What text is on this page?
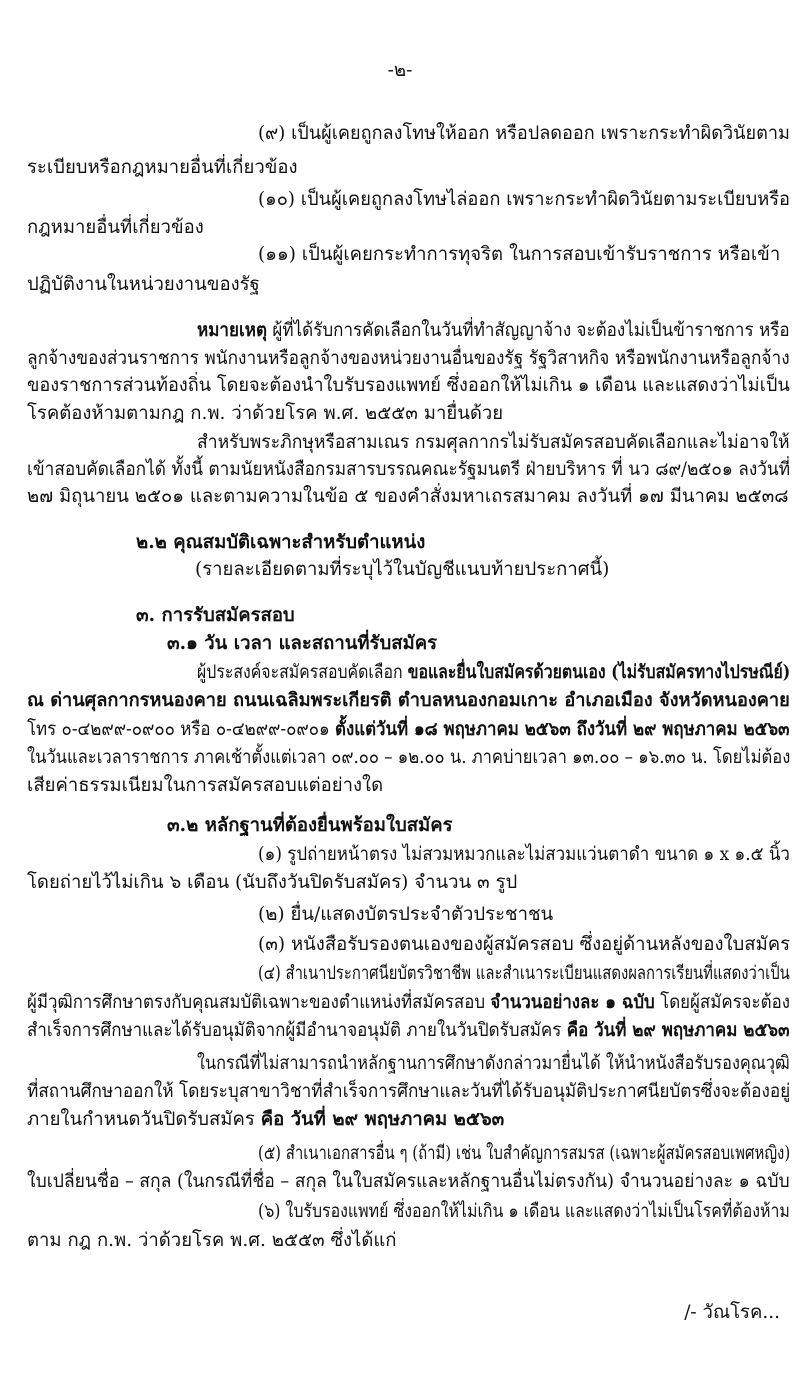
-๒-
(๙) เป็นผู้เคยถูกลงโทษให้ออก หรือปลดออก เพราะกระทำผิดวินัยตาม
ระเบียบหรือกฎหมายอื่นที่เกี่ยวข้อง
(๑๐) เป็นผู้เคยถูกลงโทษไล่ออก เพราะกระทำผิดวินัยตามระเบียบหรือ
กฎหมายอื่นที่เกี่ยวข้อง
(๑๑) เป็นผู้เคยกระทำการทุจริต ในการสอบเข้ารับราชการ หรือเข้า
ปฏิบัติงานในหน่วยงานของรัฐ
หมายเหตุ ผู้ที่ได้รับการคัดเลือกในวันที่ทำสัญญาจ้าง จะต้องไม่เป็นข้าราชการ หรือ
ลูกจ้างของส่วนราชการ พนักงานหรือลูกจ้างของหน่วยงานอื่นของรัฐ รัฐวิสาหกิจ หรือพนักงานหรือลูกจ้าง
ของราชการส่วนท้องถิ่น โดยจะต้องนำใบรับรองแพทย์ ซึ่งออกให้ไม่เกิน ๑ เดือน และแสดงว่าไม่เป็น
โรคต้องห้ามตามกฎ ก.พ. ว่าด้วยโรค พ.ศ. ๒๕๕๓ มายื่นด้วย
สำหรับพระภิกษุหรือสามเณร กรมศุลกากรไม่รับสมัครสอบคัดเลือกและไม่อาจให้
เข้าสอบคัดเลือกได้ ทั้งนี้ ตามนัยหนังสือกรมสารบรรณคณะรัฐมนตรี ฝ่ายบริหาร ที่ นว ๘๙/๒๕๐๑ ลงวันที่
๒๗ มิถุนายน ๒๕๐๑ และตามความในข้อ ๕ ของคำสั่งมหาเถรสมาคม ลงวันที่ ๑๗ มีนาคม ๒๕๓๘
๒.๒ คุณสมบัติเฉพาะสำหรับตำแหน่ง
(รายละเอียดตามที่ระบุไว้ในบัญชีแนบท้ายประกาศนี้)
๓. การรับสมัครสอบ
๓.๑ วัน เวลา และสถานที่รับสมัคร
ผู้ประสงค์จะสมัครสอบคัดเลือก ขอและยื่นใบสมัครด้วยตนเอง (ไม่รับสมัครทางไปรษณีย์)
ณ ด่านศุลกากรหนองคาย ถนนเฉลิมพระเกียรติ ตำบลหนองกอมเกาะ อำเภอเมือง จังหวัดหนองคาย
โทร ๐-๔๒๙๙-๐๙๐๐ หรือ ๐-๔๒๙๙-๐๙๐๑ ตั้งแต่วันที่ ๑๘ พฤษภาคม ๒๕๖๓ ถึงวันที่ ๒๙ พฤษภาคม ๒๕๖๓
ในวันและเวลาราชการ ภาคเช้าตั้งแต่เวลา ๐๙.๐๐ – ๑๒.๐๐ น. ภาคบ่ายเวลา ๑๓.๐๐ – ๑๖.๓๐ น. โดยไม่ต้อง
เสียค่าธรรมเนียมในการสมัครสอบแต่อย่างใด
๓.๒ หลักฐานที่ต้องยื่นพร้อมใบสมัคร
(๑) รูปถ่ายหน้าตรง ไม่สวมหมวกและไม่สวมแว่นตาดำ ขนาด ๑ x ๑.๕ นิ้ว
โดยถ่ายไว้ไม่เกิน ๖ เดือน (นับถึงวันปิดรับสมัคร) จำนวน ๓ รูป
(๒) ยื่น/แสดงบัตรประจำตัวประชาชน
(๓) หนังสือรับรองตนเองของผู้สมัครสอบ ซึ่งอยู่ด้านหลังของใบสมัคร
(๔) สำเนาประกาศนียบัตรวิชาชีพ และสำเนาระเบียนแสดงผลการเรียนที่แสดงว่าเป็น
ผู้มีวุฒิการศึกษาตรงกับคุณสมบัติเฉพาะของตำแหน่งที่สมัครสอบ จำนวนอย่างละ ๑ ฉบับ โดยผู้สมัครจะต้อง
สำเร็จการศึกษาและได้รับอนุมัติจากผู้มีอำนาจอนุมัติ ภายในวันปิดรับสมัคร คือ วันที่ ๒๙ พฤษภาคม ๒๕๖๓
ในกรณีที่ไม่สามารถนำหลักฐานการศึกษาดังกล่าวมายื่นได้ ให้นำหนังสือรับรองคุณวุฒิ
ที่สถานศึกษาออกให้ โดยระบุสาขาวิชาที่สำเร็จการศึกษาและวันที่ได้รับอนุมัติประกาศนียบัตรซึ่งจะต้องอยู่
ภายในกำหนดวันปิดรับสมัคร คือ วันที่ ๒๙ พฤษภาคม ๒๕๖๓
(๕) สำเนาเอกสารอื่น ๆ (ถ้ามี) เช่น ใบสำคัญการสมรส (เฉพาะผู้สมัครสอบเพศหญิง)
ใบเปลี่ยนชื่อ – สกุล (ในกรณีที่ชื่อ – สกุล ในใบสมัครและหลักฐานอื่นไม่ตรงกัน) จำนวนอย่างละ ๑ ฉบับ
(๖) ใบรับรองแพทย์ ซึ่งออกให้ไม่เกิน ๑ เดือน และแสดงว่าไม่เป็นโรคที่ต้องห้าม
ตาม กฎ ก.พ. ว่าด้วยโรค พ.ศ. ๒๕๕๓ ซึ่งได้แก่
/- วัณโรค...
